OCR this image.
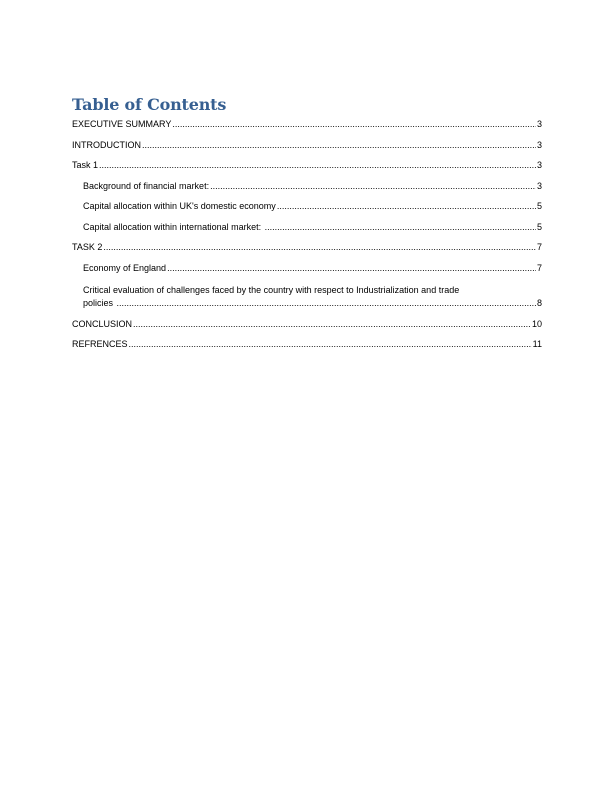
Table of Contents
EXECUTIVE SUMMARY .....	3
INTRODUCTION .....	3
Task 1 .....	3
Background of financial market: .....	3
Capital allocation within UK's domestic economy .....	5
Capital allocation within international market: .....	5
TASK 2 .....	7
Economy of England .....	7
Critical evaluation of challenges faced by the country with respect to Industrialization and trade
policies .....	8
CONCLUSION .....	10
REFRENCES .....	11
